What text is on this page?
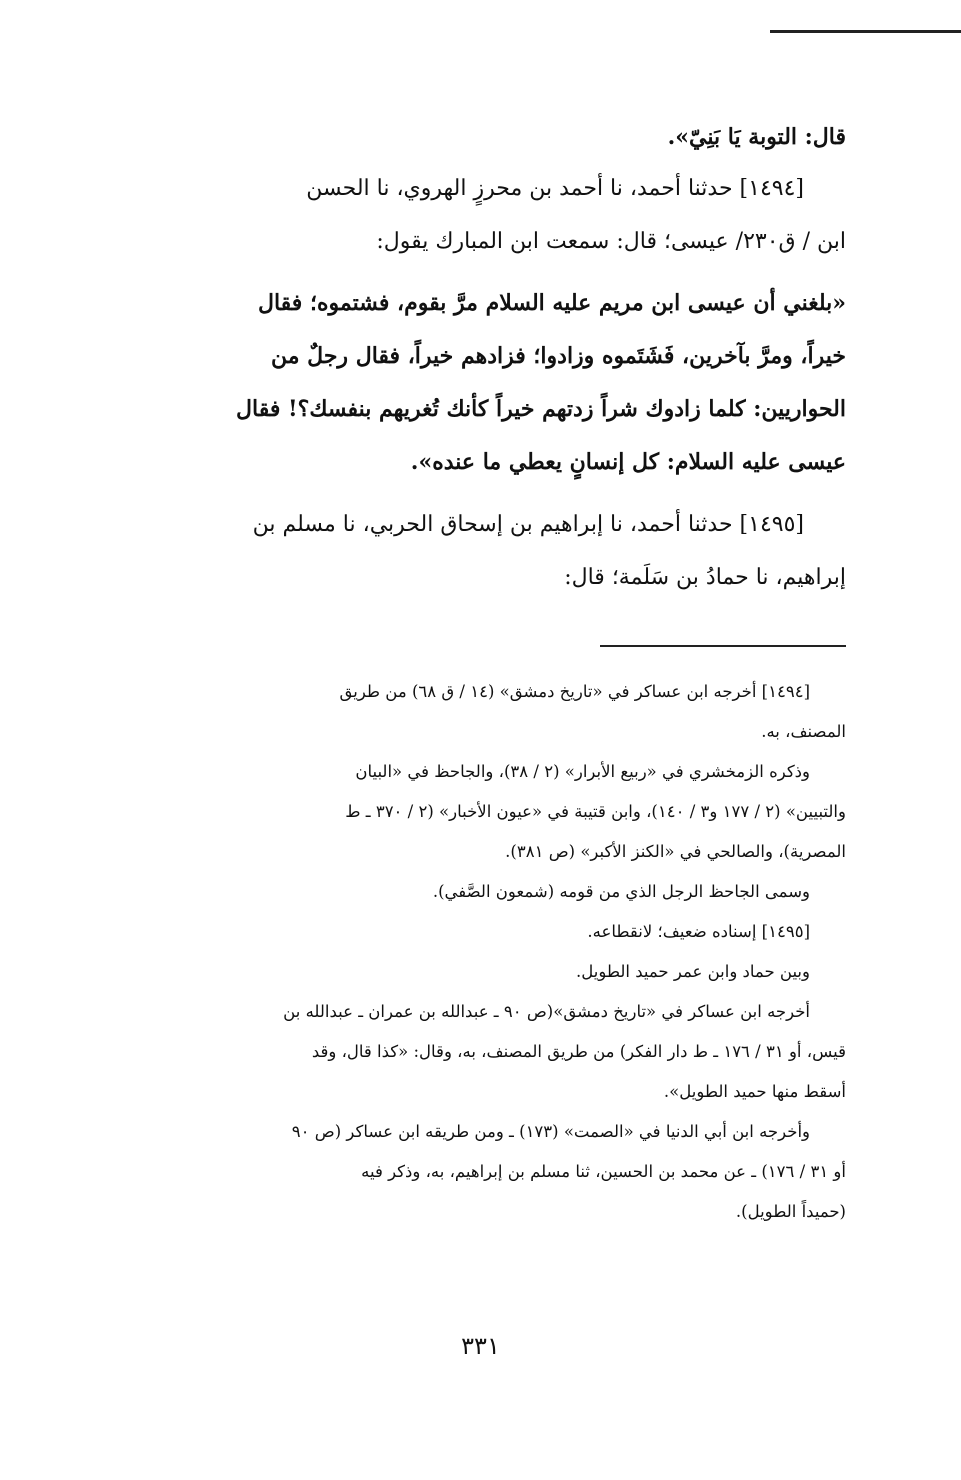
قال: التوبة يَا بَنِيّ».
[١٤٩٤] حدثنا أحمد، نا أحمد بن محرزٍ الهروي، نا الحسن
ابن / ق٢٣٠/ عيسى؛ قال: سمعت ابن المبارك يقول:
«بلغني أن عيسى ابن مريم عليه السلام مرَّ بقوم، فشتموه؛ فقال
خيراً، ومرَّ بآخرين، فَشَتَموه وزادوا؛ فزادهم خيراً، فقال رجلٌ من
الحواريين: كلما زادوك شراً زدتهم خيراً كأنك تُغريهم بنفسك؟! فقال
عيسى عليه السلام: كل إنسانٍ يعطي ما عنده».
[١٤٩٥] حدثنا أحمد، نا إبراهيم بن إسحاق الحربي، نا مسلم بن
إبراهيم، نا حمادُ بن سَلَمة؛ قال:
[١٤٩٤] أخرجه ابن عساكر في «تاريخ دمشق» (١٤ / ق ٦٨) من طريق
المصنف، به.
وذكره الزمخشري في «ربيع الأبرار» (٢ / ٣٨)، والجاحظ في «البيان
والتبيين» (٢ / ١٧٧ و٣ / ١٤٠)، وابن قتيبة في «عيون الأخبار» (٢ / ٣٧٠ ـ ط
المصرية)، والصالحي في «الكنز الأكبر» (ص ٣٨١).
وسمى الجاحظ الرجل الذي من قومه (شمعون الصَّفي).
[١٤٩٥] إسناده ضعيف؛ لانقطاعه.
وبين حماد وابن عمر حميد الطويل.
أخرجه ابن عساكر في «تاريخ دمشق»(ص ٩٠ ـ عبدالله بن عمران ـ عبدالله بن
قيس، أو ٣١ / ١٧٦ ـ ط دار الفكر) من طريق المصنف، به، وقال: «كذا قال، وقد
أسقط منها حميد الطويل».
وأخرجه ابن أبي الدنيا في «الصمت» (١٧٣) ـ ومن طريقه ابن عساكر (ص ٩٠
أو ٣١ / ١٧٦) ـ عن محمد بن الحسين، ثنا مسلم بن إبراهيم، به، وذكر فيه
(حميداً الطويل).
٣٣١
